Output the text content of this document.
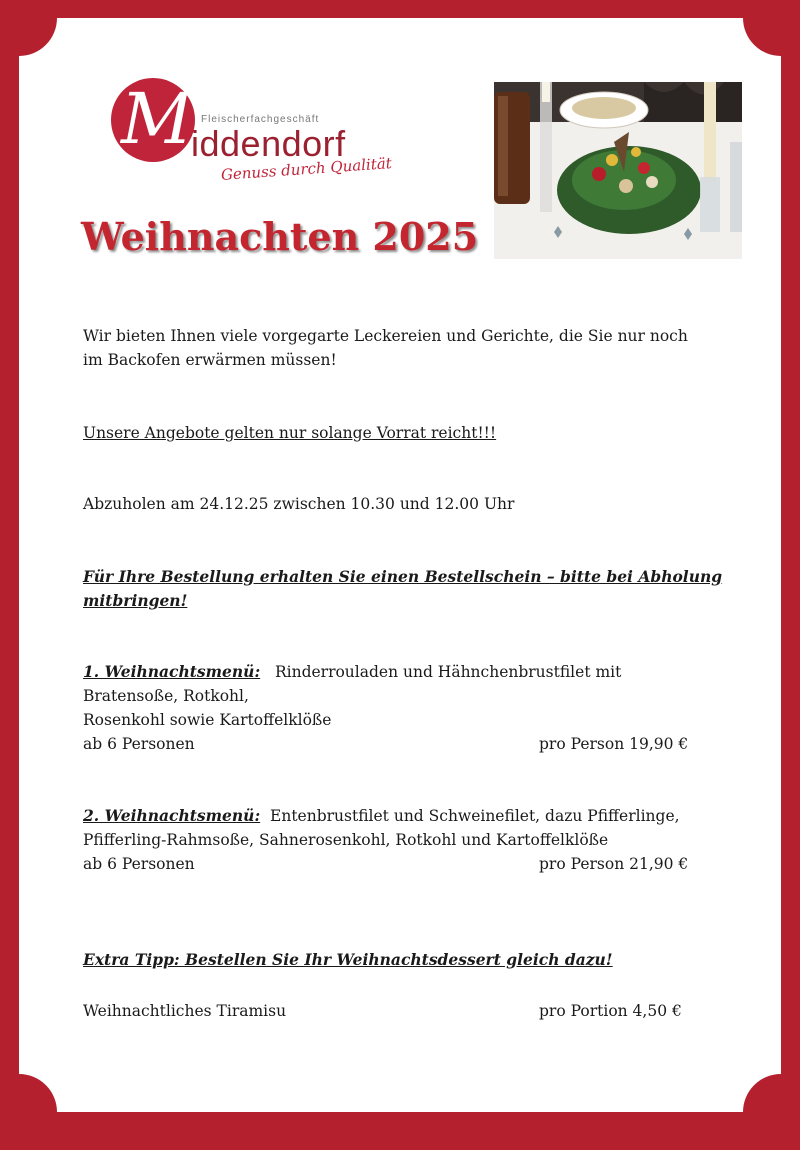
M Fleischerfachgeschäft
iddendorf
Genuss durch Qualität
Weihnachten 2025

Wir bieten Ihnen viele vorgegarte Leckereien und Gerichte, die Sie nur noch

im Backofen erwärmen müssen!

Unsere Angebote gelten nur solange Vorrat reicht!!!

Abzuholen am 24.12.25 zwischen 10.30 und 12.00 Uhr

Für Ihre Bestellung erhalten Sie einen Bestellschein – bitte bei Abholung

mitbringen!

1. Weihnachtsmenü: Rinderrouladen und Hähnchenbrustfilet mit

Bratensoße, Rotkohl,

Rosenkohl sowie Kartoffelklöße

ab 6 Personen	pro Person 19,90 €

2. Weihnachtsmenü: Entenbrustfilet und Schweinefilet, dazu Pfifferlinge,

Pfifferling-Rahmsoße, Sahnerosenkohl, Rotkohl und Kartoffelklöße

ab 6 Personen	pro Person 21,90 €

Extra Tipp: Bestellen Sie Ihr Weihnachtsdessert gleich dazu!

Weihnachtliches Tiramisu	pro Portion 4,50 €
